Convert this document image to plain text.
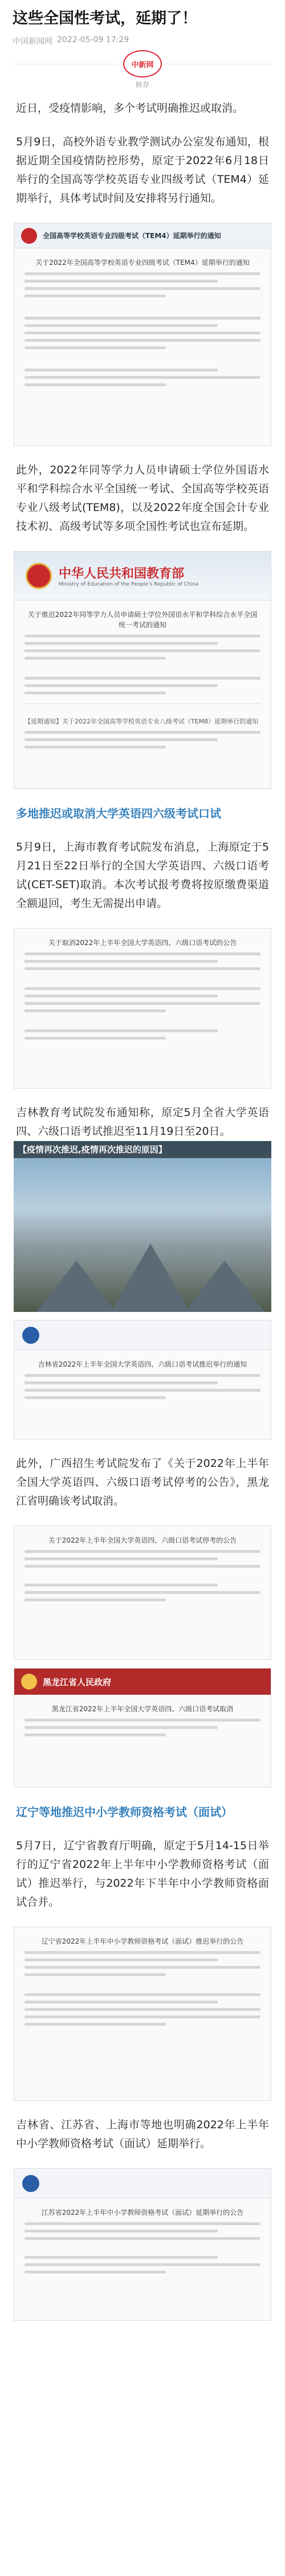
这些全国性考试，延期了！
中国新闻网 2022-05-09 17:29
中新网
转存
近日，受疫情影响，多个考试明确推迟或取消。
5月9日，高校外语专业教学测试办公室发布通知，根据近期全国疫情防控形势，原定于2022年6月18日举行的全国高等学校英语专业四级考试（TEM4）延期举行，具体考试时间及安排将另行通知。
全国高等学校英语专业四级考试（TEM4）延期举行的通知
关于2022年全国高等学校英语专业四级考试（TEM4）延期举行的通知
此外，2022年同等学力人员申请硕士学位外国语水平和学科综合水平全国统一考试、全国高等学校英语专业八级考试(TEM8)，以及2022年度全国会计专业技术初、高级考试等多项全国性考试也宣布延期。
中华人民共和国教育部
Ministry of Education of the People's Republic of China
关于推迟2022年同等学力人员申请硕士学位外国语水平和学科综合水平全国统一考试的通知
【延期通知】关于2022年全国高等学校英语专业八级考试（TEM8）延期举行的通知
多地推迟或取消大学英语四六级考试口试
5月9日，上海市教育考试院发布消息，上海原定于5月21日至22日举行的全国大学英语四、六级口语考试(CET-SET)取消。本次考试报考费将按原缴费渠道全额退回，考生无需提出申请。
关于取消2022年上半年全国大学英语四、六级口语考试的公告
吉林教育考试院发布通知称，原定5月全省大学英语四、六级口语考试推迟至11月19日至20日。
【疫情再次推迟,疫情再次推迟的原因】
吉林省2022年上半年全国大学英语四、六级口语考试推迟举行的通知
此外，广西招生考试院发布了《关于2022年上半年全国大学英语四、六级口语考试停考的公告》，黑龙江省明确该考试取消。
关于2022年上半年全国大学英语四、六级口语考试停考的公告
黑龙江省人民政府
黑龙江省2022年上半年全国大学英语四、六级口语考试取消
辽宁等地推迟中小学教师资格考试（面试）
5月7日，辽宁省教育厅明确，原定于5月14-15日举行的辽宁省2022年上半年中小学教师资格考试（面试）推迟举行，与2022年下半年中小学教师资格面试合并。
辽宁省2022年上半年中小学教师资格考试（面试）推迟举行的公告
吉林省、江苏省、上海市等地也明确2022年上半年中小学教师资格考试（面试）延期举行。
江苏省2022年上半年中小学教师资格考试（面试）延期举行的公告
